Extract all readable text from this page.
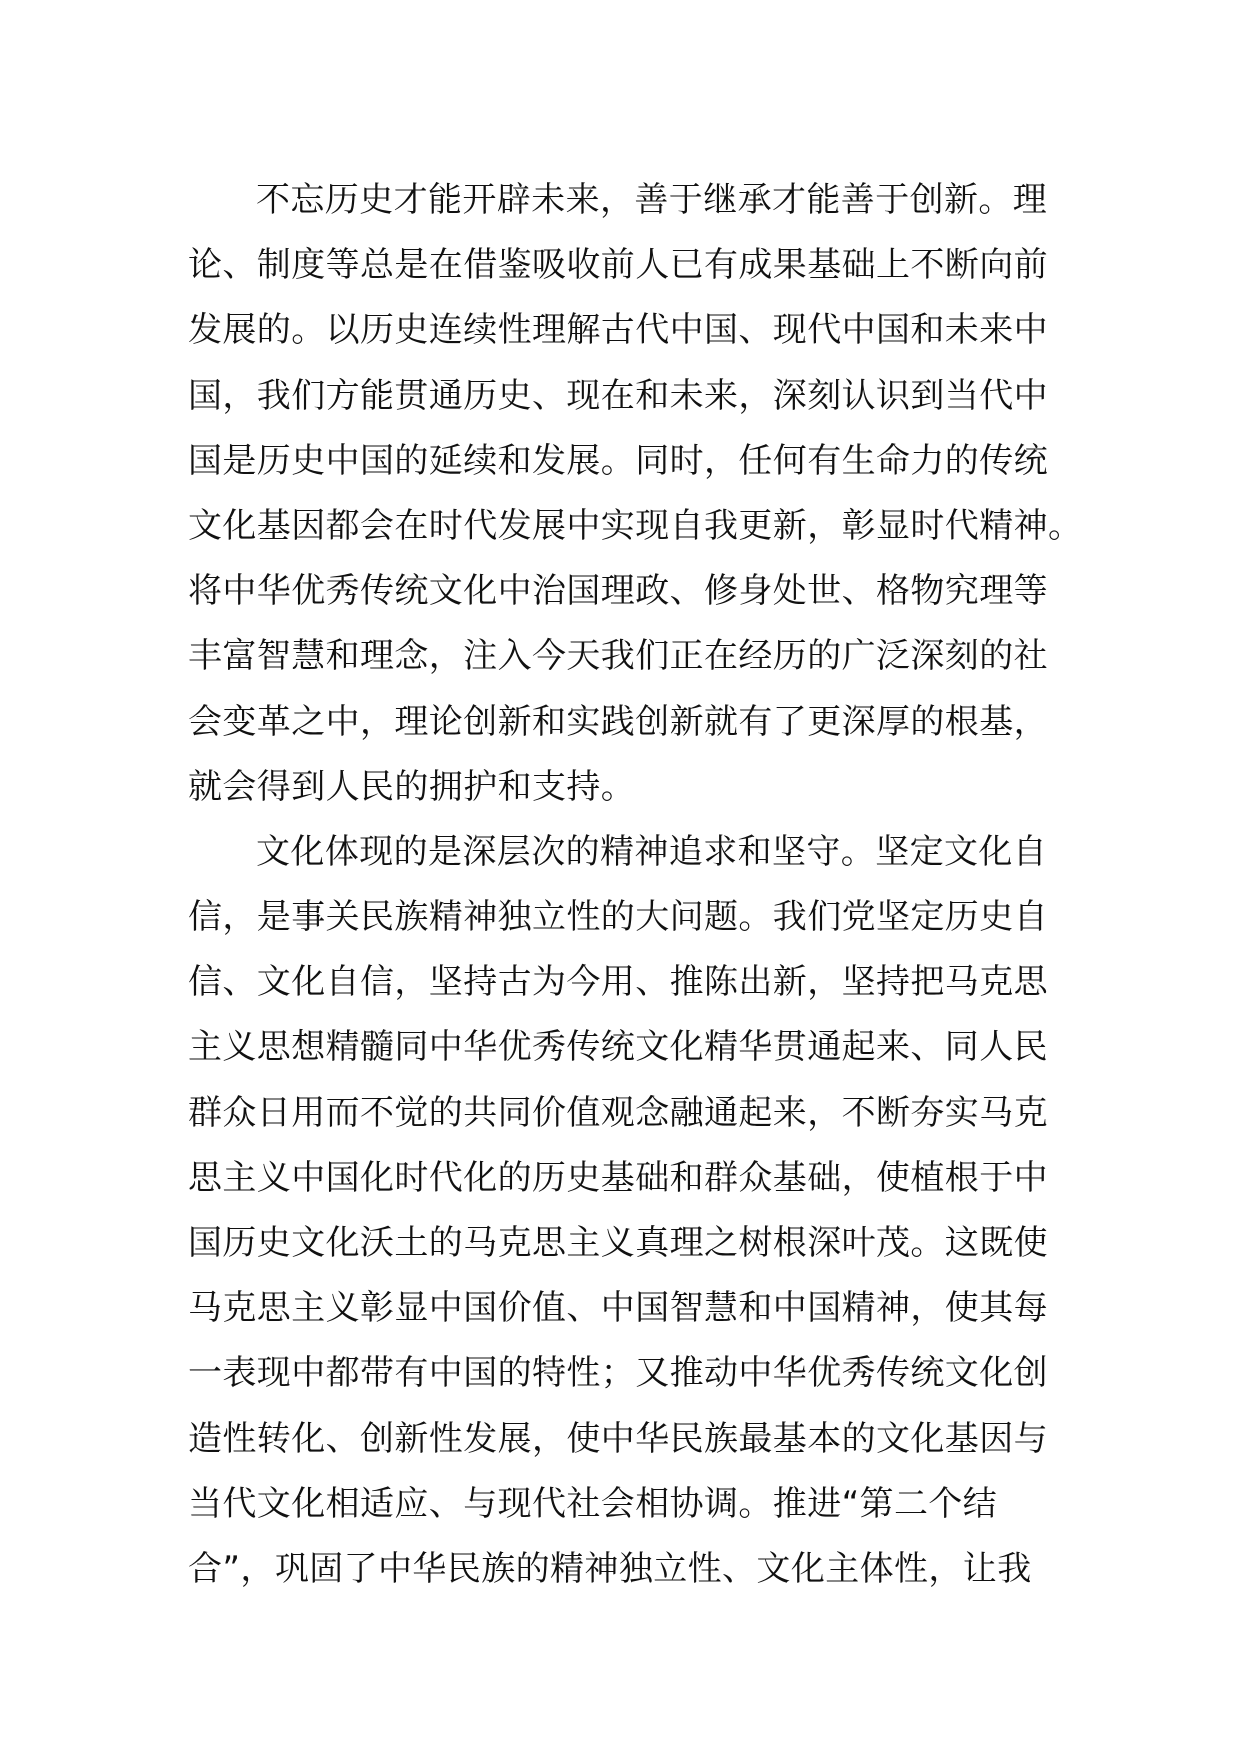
不忘历史才能开辟未来，善于继承才能善于创新。理
论、制度等总是在借鉴吸收前人已有成果基础上不断向前
发展的。以历史连续性理解古代中国、现代中国和未来中
国，我们方能贯通历史、现在和未来，深刻认识到当代中
国是历史中国的延续和发展。同时，任何有生命力的传统
文化基因都会在时代发展中实现自我更新，彰显时代精神。
将中华优秀传统文化中治国理政、修身处世、格物究理等
丰富智慧和理念，注入今天我们正在经历的广泛深刻的社
会变革之中，理论创新和实践创新就有了更深厚的根基，
就会得到人民的拥护和支持。
文化体现的是深层次的精神追求和坚守。坚定文化自
信，是事关民族精神独立性的大问题。我们党坚定历史自
信、文化自信，坚持古为今用、推陈出新，坚持把马克思
主义思想精髓同中华优秀传统文化精华贯通起来、同人民
群众日用而不觉的共同价值观念融通起来，不断夯实马克
思主义中国化时代化的历史基础和群众基础，使植根于中
国历史文化沃土的马克思主义真理之树根深叶茂。这既使
马克思主义彰显中国价值、中国智慧和中国精神，使其每
一表现中都带有中国的特性；又推动中华优秀传统文化创
造性转化、创新性发展，使中华民族最基本的文化基因与
当代文化相适应、与现代社会相协调。推进“第二个结
合”，巩固了中华民族的精神独立性、文化主体性，让我
